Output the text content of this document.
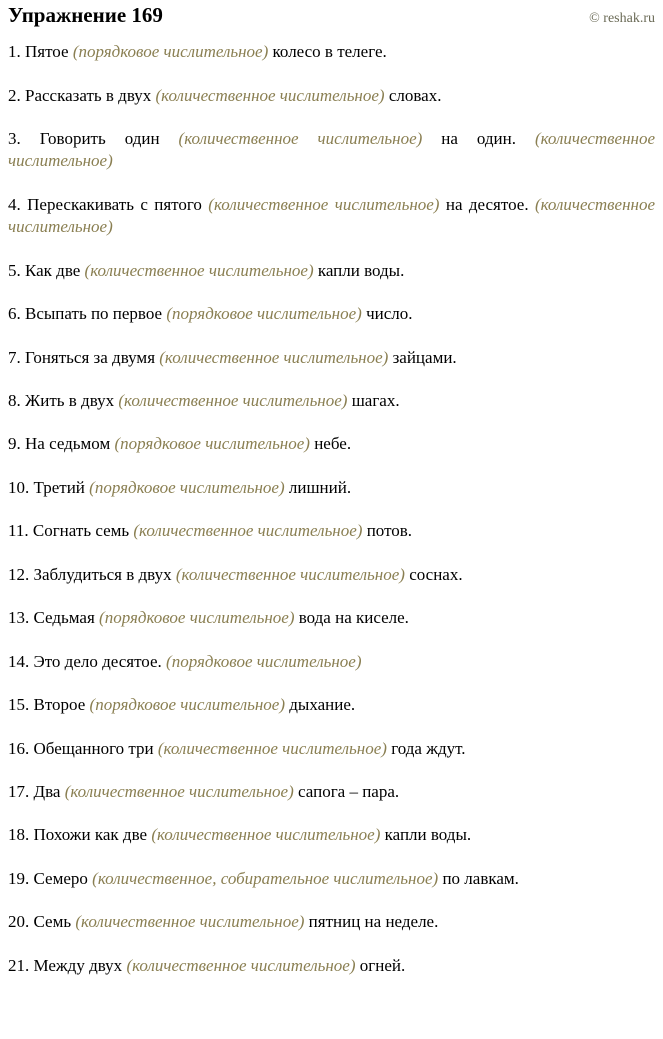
Упражнение 169	© reshak.ru
1. Пятое (порядковое числительное) колесо в телеге.
2. Рассказать в двух (количественное числительное) словах.
3. Говорить один (количественное числительное) на один. (количественное числительное)
4. Перескакивать с пятого (количественное числительное) на десятое. (количественное числительное)
5. Как две (количественное числительное) капли воды.
6. Всыпать по первое (порядковое числительное) число.
7. Гоняться за двумя (количественное числительное) зайцами.
8. Жить в двух (количественное числительное) шагах.
9. На седьмом (порядковое числительное) небе.
10. Третий (порядковое числительное) лишний.
11. Согнать семь (количественное числительное) потов.
12. Заблудиться в двух (количественное числительное) соснах.
13. Седьмая (порядковое числительное) вода на киселе.
14. Это дело десятое. (порядковое числительное)
15. Второе (порядковое числительное) дыхание.
16. Обещанного три (количественное числительное) года ждут.
17. Два (количественное числительное) сапога – пара.
18. Похожи как две (количественное числительное) капли воды.
19. Семеро (количественное, собирательное числительное) по лавкам.
20. Семь (количественное числительное) пятниц на неделе.
21. Между двух (количественное числительное) огней.
